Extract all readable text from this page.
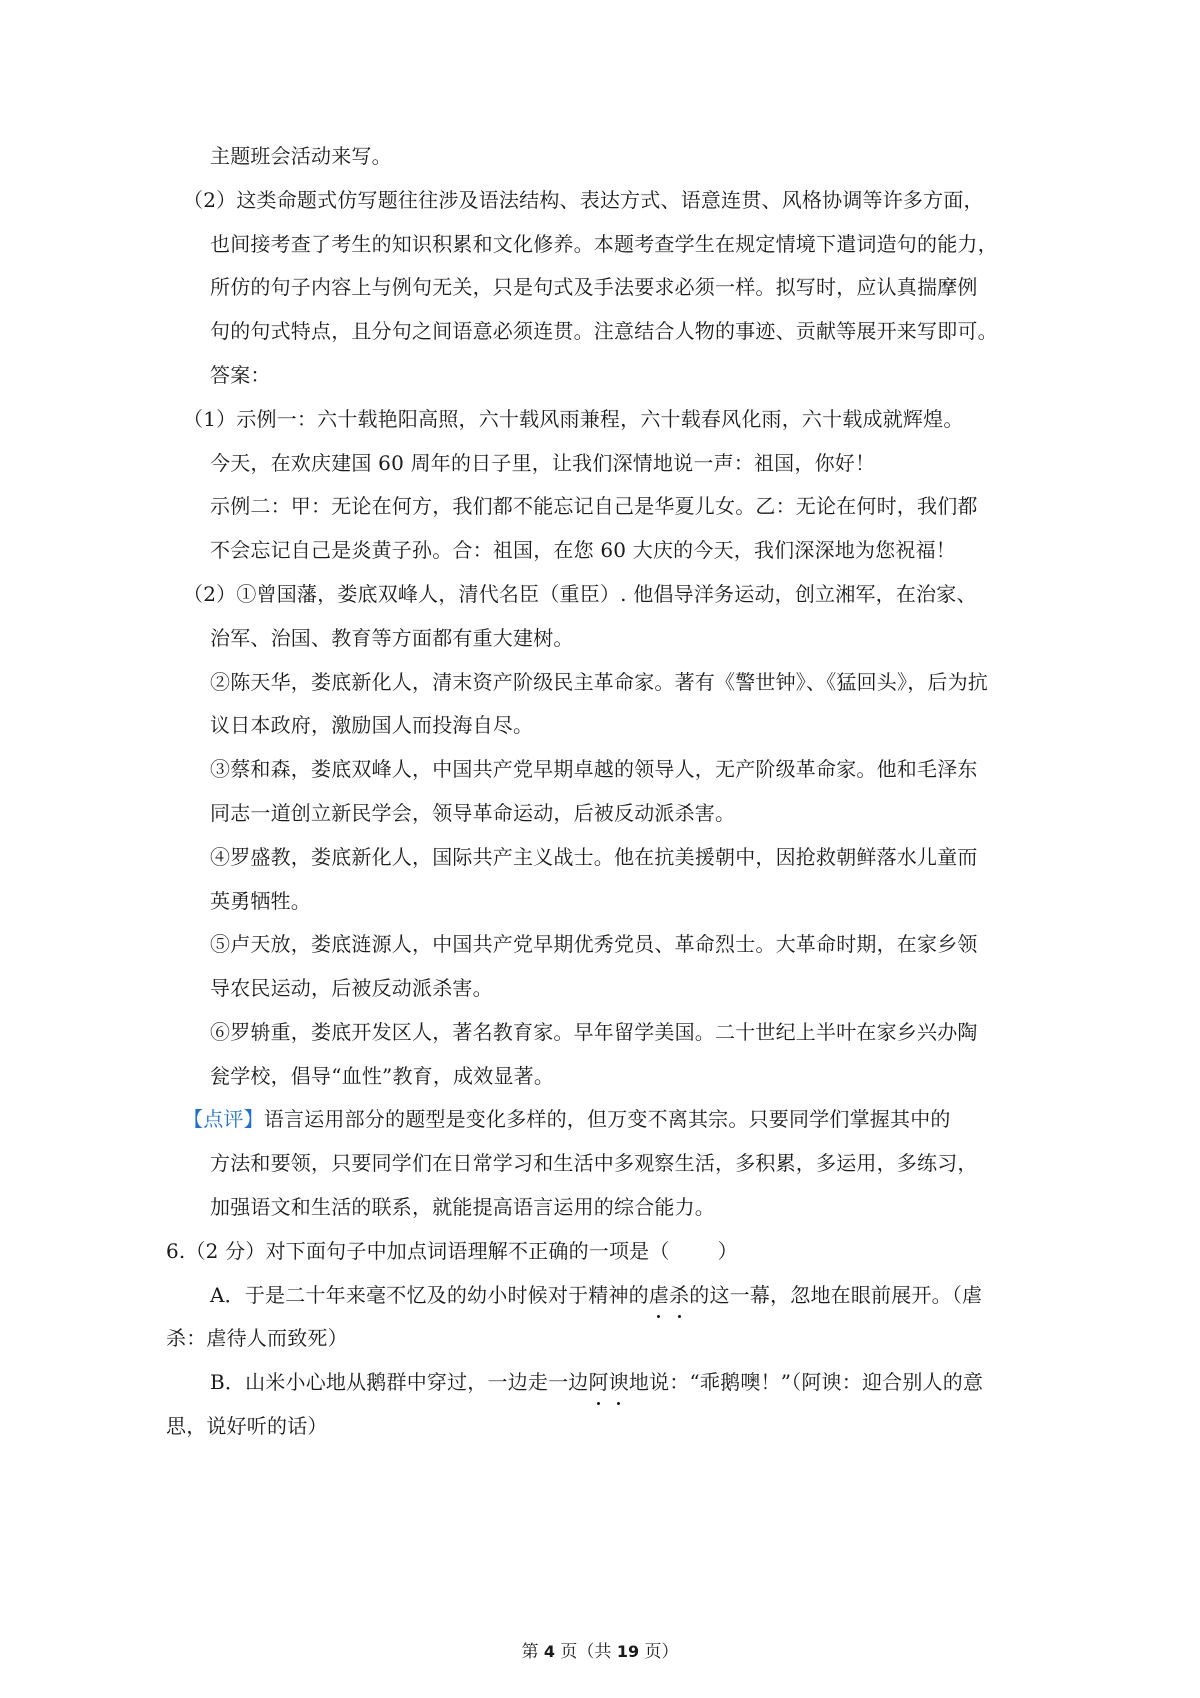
主题班会活动来写。
（2）这类命题式仿写题往往涉及语法结构、表达方式、语意连贯、风格协调等许多方面，
也间接考查了考生的知识积累和文化修养。本题考查学生在规定情境下遣词造句的能力，
所仿的句子内容上与例句无关，只是句式及手法要求必须一样。拟写时，应认真揣摩例
句的句式特点，且分句之间语意必须连贯。注意结合人物的事迹、贡献等展开来写即可。
答案：
（1）示例一：六十载艳阳高照，六十载风雨兼程，六十载春风化雨，六十载成就辉煌。
今天，在欢庆建国 60 周年的日子里，让我们深情地说一声：祖国，你好！
示例二：甲：无论在何方，我们都不能忘记自己是华夏儿女。乙：无论在何时，我们都
不会忘记自己是炎黄子孙。合：祖国，在您 60 大庆的今天，我们深深地为您祝福！
（2）①曾国藩，娄底双峰人，清代名臣（重臣）. 他倡导洋务运动，创立湘军，在治家、
治军、治国、教育等方面都有重大建树。
②陈天华，娄底新化人，清末资产阶级民主革命家。著有《警世钟》、《猛回头》，后为抗
议日本政府，激励国人而投海自尽。
③蔡和森，娄底双峰人，中国共产党早期卓越的领导人，无产阶级革命家。他和毛泽东
同志一道创立新民学会，领导革命运动，后被反动派杀害。
④罗盛教，娄底新化人，国际共产主义战士。他在抗美援朝中，因抢救朝鲜落水儿童而
英勇牺牲。
⑤卢天放，娄底涟源人，中国共产党早期优秀党员、革命烈士。大革命时期，在家乡领
导农民运动，后被反动派杀害。
⑥罗辀重，娄底开发区人，著名教育家。早年留学美国。二十世纪上半叶在家乡兴办陶
瓮学校，倡导“血性”教育，成效显著。
【点评】语言运用部分的题型是变化多样的，但万变不离其宗。只要同学们掌握其中的
方法和要领，只要同学们在日常学习和生活中多观察生活，多积累，多运用，多练习，
加强语文和生活的联系，就能提高语言运用的综合能力。
6.（2 分）对下面句子中加点词语理解不正确的一项是（ ）
A．于是二十年来毫不忆及的幼小时候对于精神的虐杀的这一幕，忽地在眼前展开。（虐
杀：虐待人而致死）
B．山米小心地从鹅群中穿过，一边走一边阿谀地说：“乖鹅噢！”（阿谀：迎合别人的意
思，说好听的话）
第 4 页（共 19 页）
